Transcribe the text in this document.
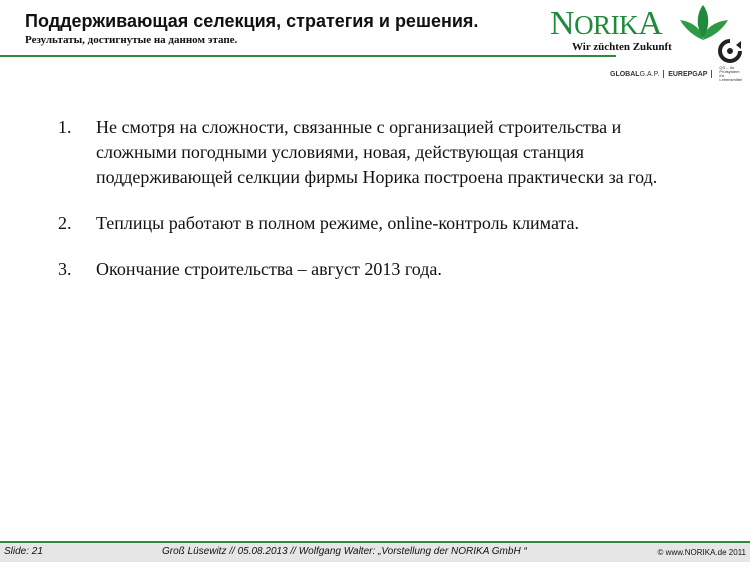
Поддерживающая селекция, стратегия и решения.
Результаты, достигнутые на данном этапе.	NORIKA
Wir züchten Zukunft
GLOBALG.A.P. EUREPGAP  QS – Ihr Prüfsystem für Lebensmittel
1. Не смотря на сложности, связанные с организацией строительства и сложными погодными условиями, новая, действующая станция поддерживающей селкции фирмы Норика построена практически за год.
2. Теплицы работают в полном режиме, online-контроль климата.
3. Окончание строительства – август 2013 года.
Slide: 21	Groß Lüsewitz // 05.08.2013 // Wolfgang Walter: „Vorstellung der NORIKA GmbH “	© www.NORIKA.de 2011
